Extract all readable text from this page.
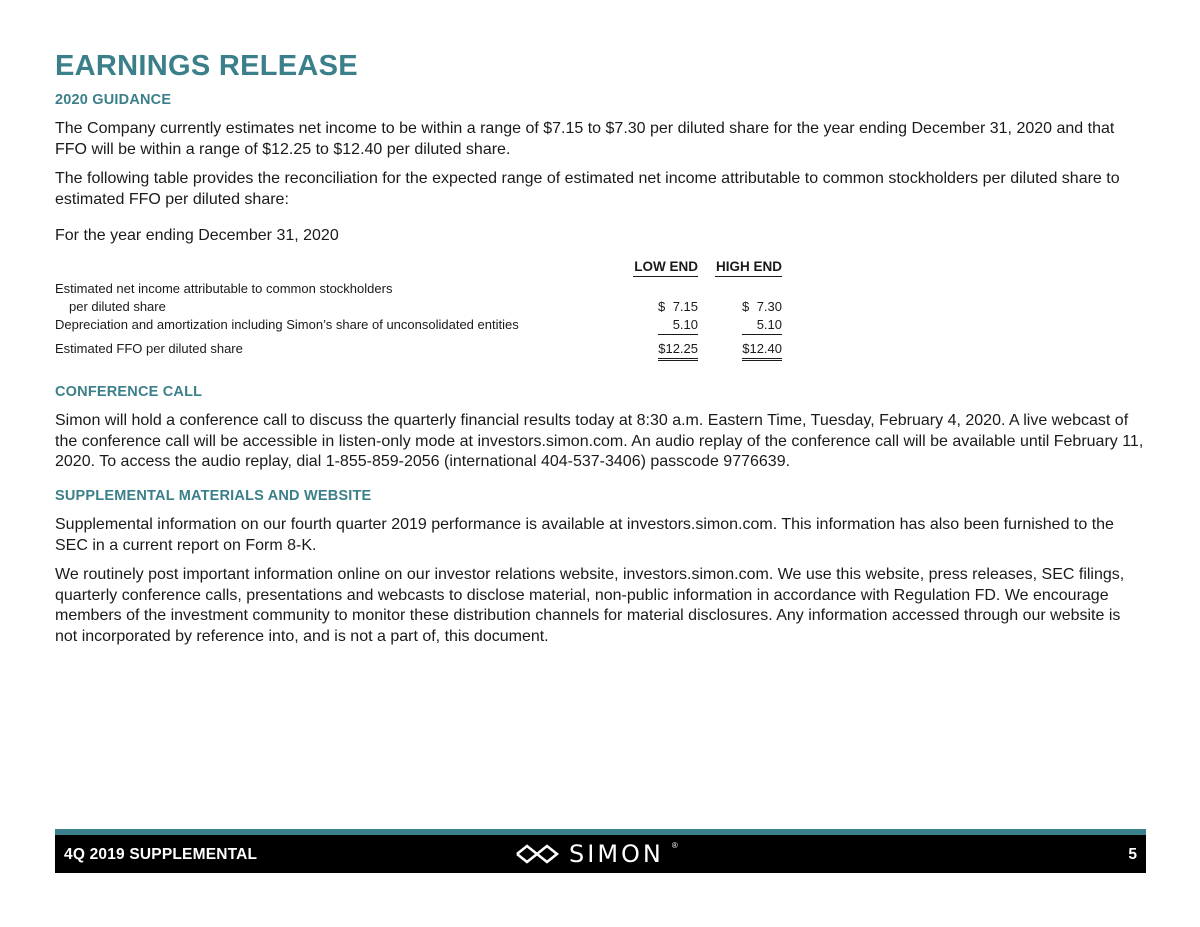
EARNINGS RELEASE
2020 GUIDANCE

The Company currently estimates net income to be within a range of $7.15 to $7.30 per diluted share for the year ending December 31, 2020 and that FFO will be within a range of $12.25 to $12.40 per diluted share.

The following table provides the reconciliation for the expected range of estimated net income attributable to common stockholders per diluted share to estimated FFO per diluted share:

For the year ending December 31, 2020

LOW END HIGH END
Estimated net income attributable to common stockholders
per diluted share	$ 7.15	$ 7.30
Depreciation and amortization including Simon’s share of unconsolidated entities	5.10	5.10
Estimated FFO per diluted share	$12.25	$12.40
CONFERENCE CALL

Simon will hold a conference call to discuss the quarterly financial results today at 8:30 a.m. Eastern Time, Tuesday, February 4, 2020. A live webcast of the conference call will be accessible in listen-only mode at investors.simon.com. An audio replay of the conference call will be available until February 11, 2020. To access the audio replay, dial 1-855-859-2056 (international 404-537-3406) passcode 9776639.

SUPPLEMENTAL MATERIALS AND WEBSITE

Supplemental information on our fourth quarter 2019 performance is available at investors.simon.com. This information has also been furnished to the SEC in a current report on Form 8-K.

We routinely post important information online on our investor relations website, investors.simon.com. We use this website, press releases, SEC filings, quarterly conference calls, presentations and webcasts to disclose material, non-public information in accordance with Regulation FD. We encourage members of the investment community to monitor these distribution channels for material disclosures. Any information accessed through our website is not incorporated by reference into, and is not a part of, this document.

4Q 2019 SUPPLEMENTAL	SIMON ®
5
